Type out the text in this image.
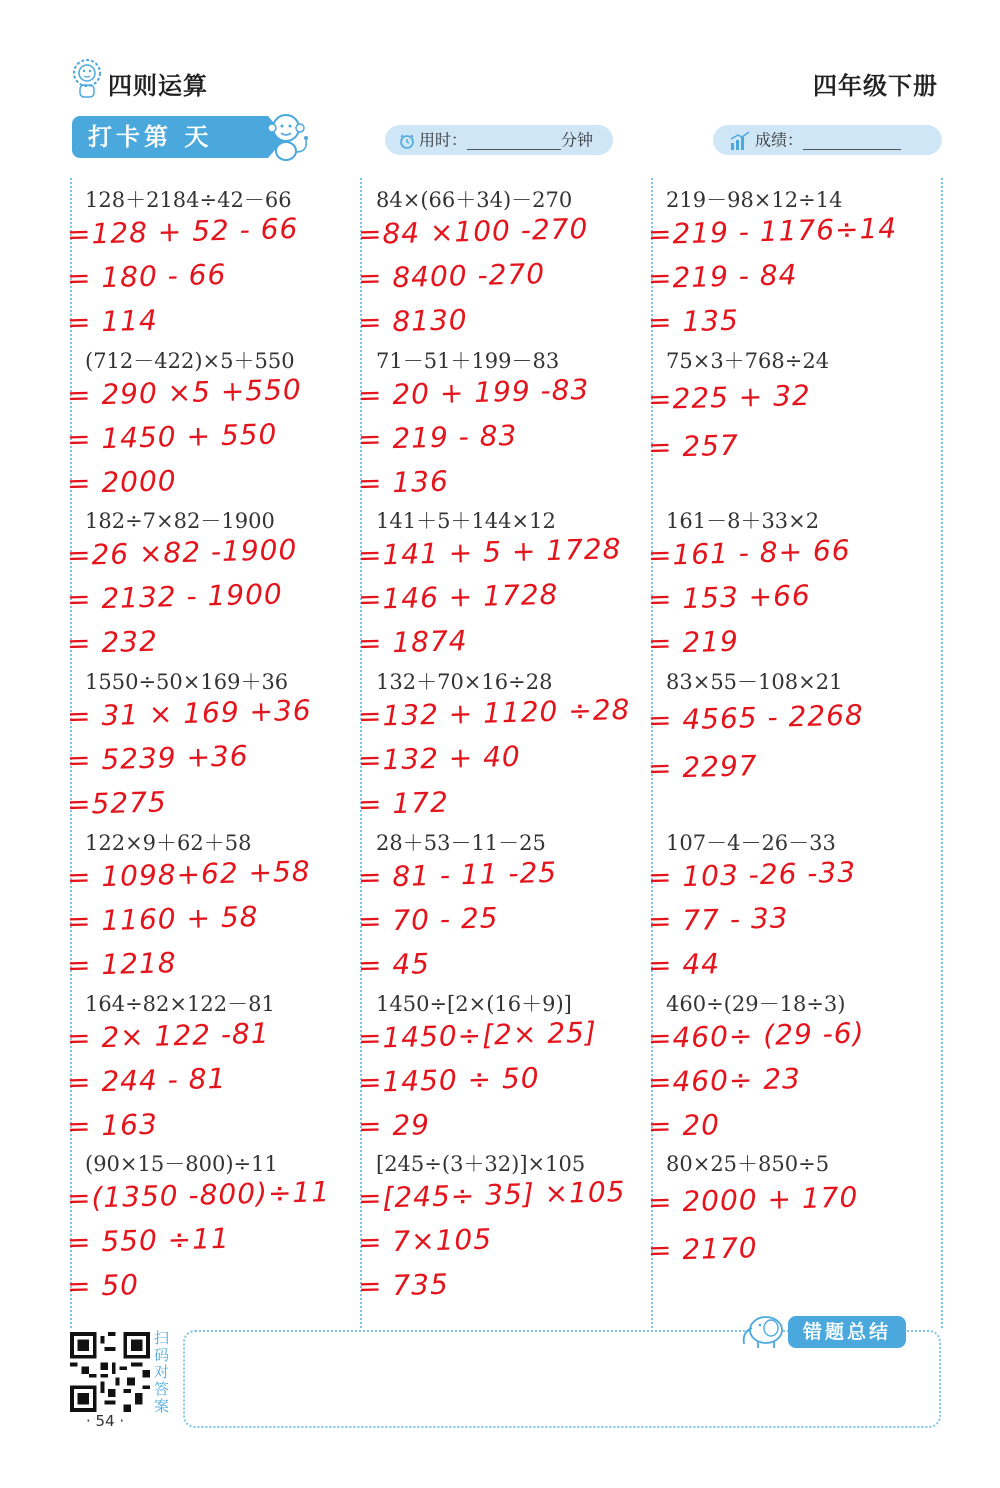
四则运算	四年级下册
打卡第 天	用时：	分钟	成绩：
128＋2184÷42－66
=128 + 52 - 66
= 180 - 66
= 114
(712－422)×5＋550
= 290 ×5 +550
= 1450 + 550
= 2000
182÷7×82－1900
=26 ×82 -1900
= 2132 - 1900
= 232
1550÷50×169＋36
= 31 × 169 +36
= 5239 +36
=5275
122×9＋62＋58
= 1098+62 +58
= 1160 + 58
= 1218
164÷82×122－81
= 2× 122 -81
= 244 - 81
= 163
(90×15－800)÷11
=(1350 -800)÷11
= 550 ÷11
= 50
84×(66＋34)－270
=84 ×100 -270
= 8400 -270
= 8130
71－51＋199－83
= 20 + 199 -83
= 219 - 83
= 136
141＋5＋144×12
=141 + 5 + 1728
=146 + 1728
= 1874
132＋70×16÷28
=132 + 1120 ÷28
=132 + 40
= 172
28＋53－11－25
= 81 - 11 -25
= 70 - 25
= 45
1450÷[2×(16＋9)]
=1450÷[2× 25]
=1450 ÷ 50
= 29
[245÷(3＋32)]×105
=[245÷ 35] ×105
= 7×105
= 735
219－98×12÷14
=219 - 1176÷14
=219 - 84
= 135
75×3＋768÷24
=225 + 32
= 257
161－8＋33×2
=161 - 8+ 66
= 153 +66
= 219
83×55－108×21
= 4565 - 2268
= 2297
107－4－26－33
= 103 -26 -33
= 77 - 33
= 44
460÷(29－18÷3)
=460÷ (29 -6)
=460÷ 23
= 20
80×25＋850÷5
= 2000 + 170
= 2170
扫码对答案
· 54 ·
错题总结
